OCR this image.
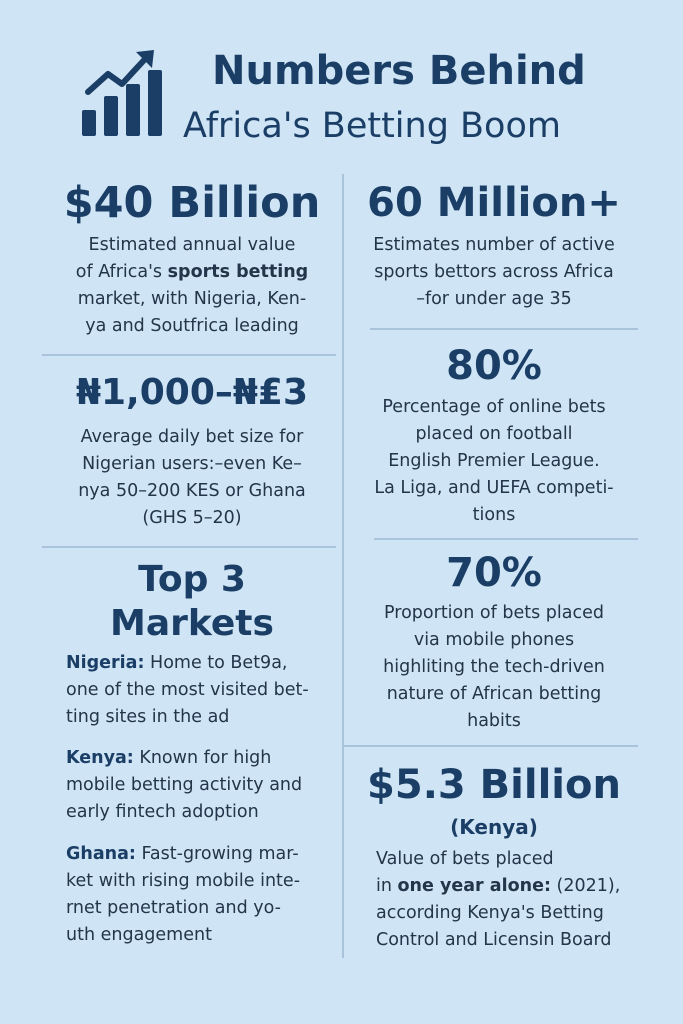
Numbers Behind
Africa's Betting Boom
$40 Billion
Estimated annual value
of Africa's sports betting
market, with Nigeria, Ken-
ya and Soutfrica leading
₦1,000–₦₤3
Average daily bet size for
Nigerian users:–even Ke–
nya 50–200 KES or Ghana
(GHS 5–20)
Top 3
Markets
Nigeria: Home to Bet9a,
one of the most visited bet-
ting sites in the ad
Kenya: Known for high
mobile betting activity and
early fintech adoption
Ghana: Fast-growing mar-
ket with rising mobile inte-
rnet penetration and yo-
uth engagement
60 Million+
Estimates number of active
sports bettors across Africa
–for under age 35
80%
Percentage of online bets
placed on football
English Premier League.
La Liga, and UEFA competi-
tions
70%
Proportion of bets placed
via mobile phones
highliting the tech-driven
nature of African betting
habits
$5.3 Billion
(Kenya)
Value of bets placed
in one year alone: (2021),
according Kenya's Betting
Control and Licensin Board
